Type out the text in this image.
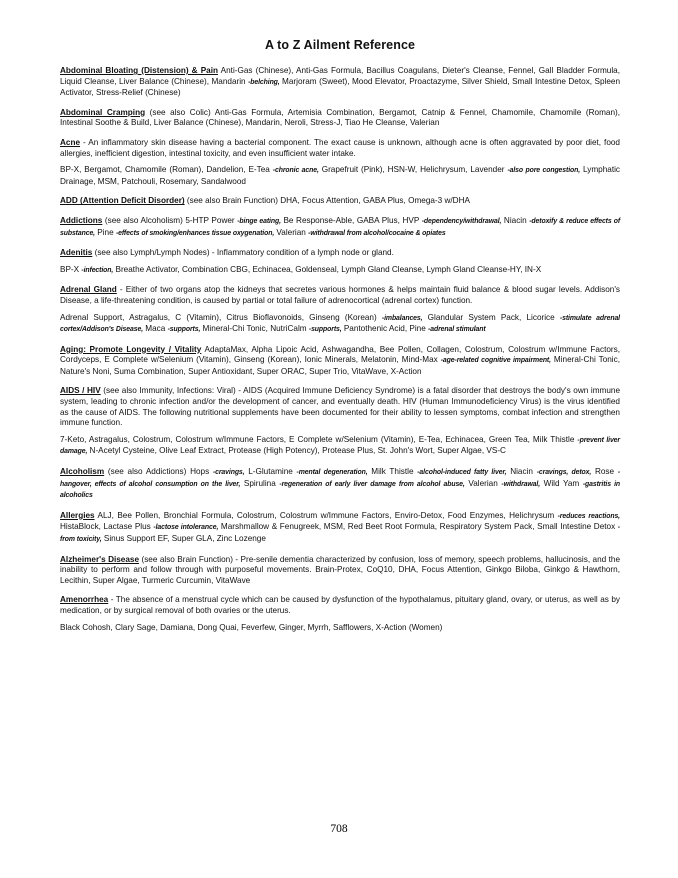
A to Z Ailment Reference

Abdominal Bloating (Distension) & Pain Anti-Gas (Chinese), Anti-Gas Formula, Bacillus Coagulans, Dieter's Cleanse, Fennel, Gall Bladder Formula, Liquid Cleanse, Liver Balance (Chinese), Mandarin -belching, Marjoram (Sweet), Mood Elevator, Proactazyme, Silver Shield, Small Intestine Detox, Spleen Activator, Stress-Relief (Chinese)

Abdominal Cramping (see also Colic) Anti-Gas Formula, Artemisia Combination, Bergamot, Catnip & Fennel, Chamomile, Chamomile (Roman), Intestinal Soothe & Build, Liver Balance (Chinese), Mandarin, Neroli, Stress-J, Tiao He Cleanse, Valerian

Acne - An inflammatory skin disease having a bacterial component. The exact cause is unknown, although acne is often aggravated by poor diet, food allergies, inefficient digestion, intestinal toxicity, and even insufficient water intake.

BP-X, Bergamot, Chamomile (Roman), Dandelion, E-Tea -chronic acne, Grapefruit (Pink), HSN-W, Helichrysum, Lavender -also pore congestion, Lymphatic Drainage, MSM, Patchouli, Rosemary, Sandalwood

ADD (Attention Deficit Disorder) (see also Brain Function) DHA, Focus Attention, GABA Plus, Omega-3 w/DHA

Addictions (see also Alcoholism) 5-HTP Power -binge eating, Be Response-Able, GABA Plus, HVP -dependency/withdrawal, Niacin -detoxify & reduce effects of substance, Pine -effects of smoking/enhances tissue oxygenation, Valerian -withdrawal from alcohol/cocaine & opiates

Adenitis (see also Lymph/Lymph Nodes) - Inflammatory condition of a lymph node or gland.

BP-X -infection, Breathe Activator, Combination CBG, Echinacea, Goldenseal, Lymph Gland Cleanse, Lymph Gland Cleanse-HY, IN-X

Adrenal Gland - Either of two organs atop the kidneys that secretes various hormones & helps maintain fluid balance & blood sugar levels. Addison's Disease, a life-threatening condition, is caused by partial or total failure of adrenocortical (adrenal cortex) function.

Adrenal Support, Astragalus, C (Vitamin), Citrus Bioflavonoids, Ginseng (Korean) -imbalances, Glandular System Pack, Licorice -stimulate adrenal cortex/Addison's Disease, Maca -supports, Mineral-Chi Tonic, NutriCalm -supports, Pantothenic Acid, Pine -adrenal stimulant

Aging: Promote Longevity / Vitality AdaptaMax, Alpha Lipoic Acid, Ashwagandha, Bee Pollen, Collagen, Colostrum, Colostrum w/Immune Factors, Cordyceps, E Complete w/Selenium (Vitamin), Ginseng (Korean), Ionic Minerals, Melatonin, Mind-Max -age-related cognitive impairment, Mineral-Chi Tonic, Nature's Noni, Suma Combination, Super Antioxidant, Super ORAC, Super Trio, VitaWave, X-Action

AIDS / HIV (see also Immunity, Infections: Viral) - AIDS (Acquired Immune Deficiency Syndrome) is a fatal disorder that destroys the body's own immune system, leading to chronic infection and/or the development of cancer, and eventually death. HIV (Human Immunodeficiency Virus) is the virus identified as the cause of AIDS. The following nutritional supplements have been documented for their ability to lessen symptoms, combat infection and strengthen immune function.

7-Keto, Astragalus, Colostrum, Colostrum w/Immune Factors, E Complete w/Selenium (Vitamin), E-Tea, Echinacea, Green Tea, Milk Thistle -prevent liver damage, N-Acetyl Cysteine, Olive Leaf Extract, Protease (High Potency), Protease Plus, St. John's Wort, Super Algae, VS-C

Alcoholism (see also Addictions) Hops -cravings, L-Glutamine -mental degeneration, Milk Thistle -alcohol-induced fatty liver, Niacin -cravings, detox, Rose -hangover, effects of alcohol consumption on the liver, Spirulina -regeneration of early liver damage from alcohol abuse, Valerian -withdrawal, Wild Yam -gastritis in alcoholics

Allergies ALJ, Bee Pollen, Bronchial Formula, Colostrum, Colostrum w/Immune Factors, Enviro-Detox, Food Enzymes, Helichrysum -reduces reactions, HistaBlock, Lactase Plus -lactose intolerance, Marshmallow & Fenugreek, MSM, Red Beet Root Formula, Respiratory System Pack, Small Intestine Detox -from toxicity, Sinus Support EF, Super GLA, Zinc Lozenge

Alzheimer's Disease (see also Brain Function) - Pre-senile dementia characterized by confusion, loss of memory, speech problems, hallucinosis, and the inability to perform and follow through with purposeful movements. Brain-Protex, CoQ10, DHA, Focus Attention, Ginkgo Biloba, Ginkgo & Hawthorn, Lecithin, Super Algae, Turmeric Curcumin, VitaWave

Amenorrhea - The absence of a menstrual cycle which can be caused by dysfunction of the hypothalamus, pituitary gland, ovary, or uterus, as well as by medication, or by surgical removal of both ovaries or the uterus.

Black Cohosh, Clary Sage, Damiana, Dong Quai, Feverfew, Ginger, Myrrh, Safflowers, X-Action (Women)

708
